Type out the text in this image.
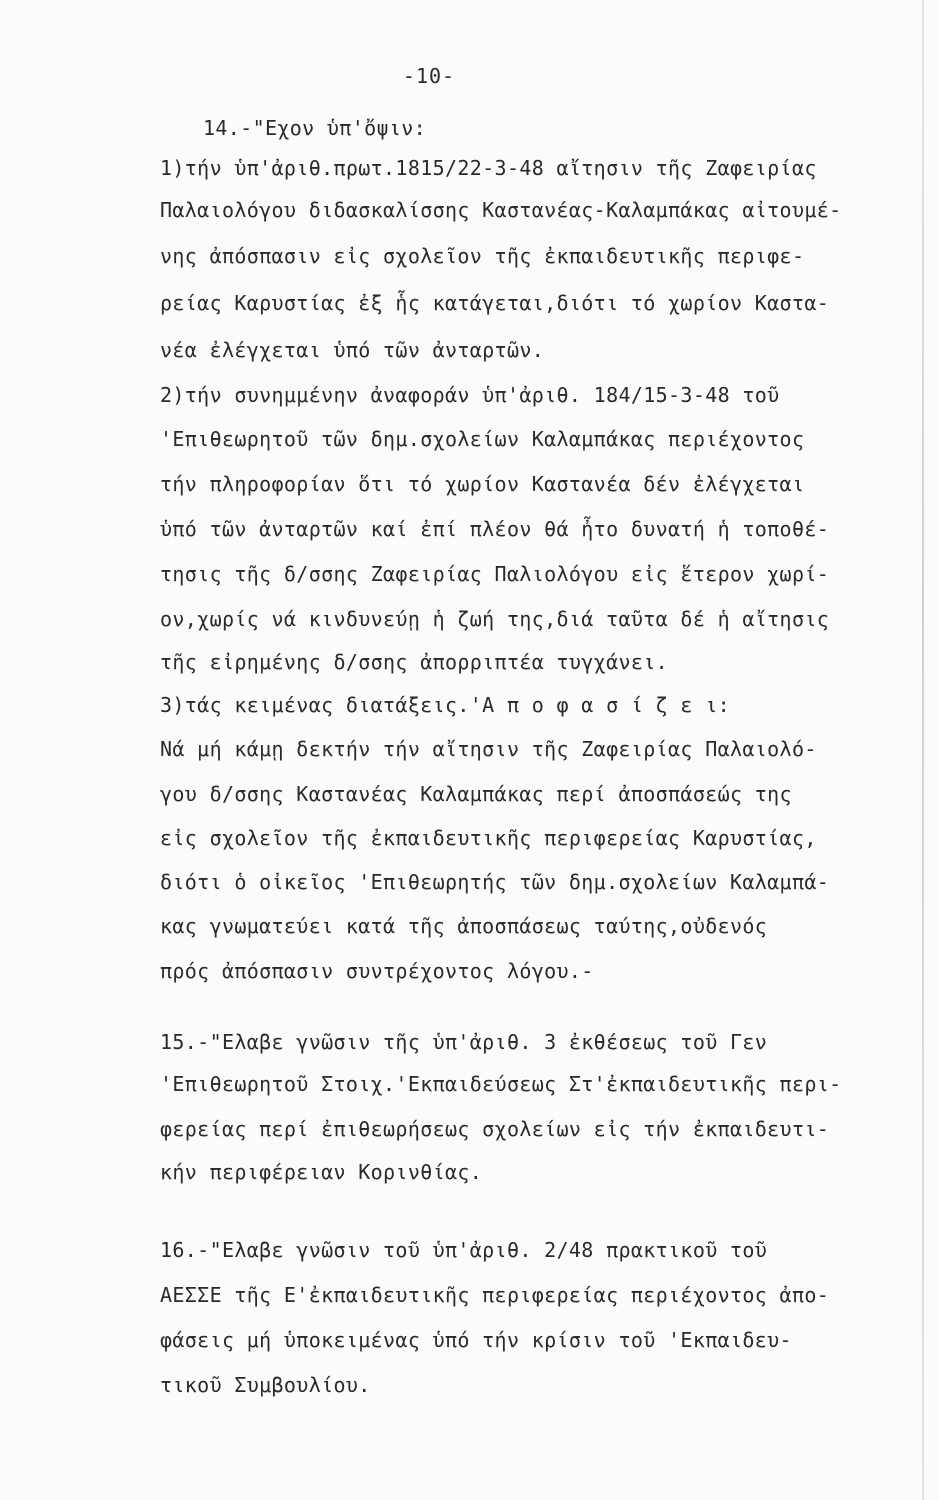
-10-
14.-"Εχον ὑπ'ὄψιν:
1)τήν ὑπ'ἀριθ.πρωτ.1815/22-3-48 αἴτησιν τῆς Ζαφειρίας
Παλαιολόγου διδασκαλίσσης Καστανέας-Καλαμπάκας αἰτουμέ-
νης ἀπόσπασιν εἰς σχολεῖον τῆς ἐκπαιδευτικῆς περιφε-
ρείας Καρυστίας ἐξ ἧς κατάγεται,διότι τό χωρίον Καστα-
νέα ἐλέγχεται ὑπό τῶν ἀνταρτῶν.
2)τήν συνημμένην ἀναφοράν ὑπ'ἀριθ. 184/15-3-48 τοῦ
'Επιθεωρητοῦ τῶν δημ.σχολείων Καλαμπάκας περιέχοντος
τήν πληροφορίαν ὅτι τό χωρίον Καστανέα δέν ἐλέγχεται
ὑπό τῶν ἀνταρτῶν καί ἐπί πλέον θά ἦτο δυνατή ἡ τοποθέ-
τησις τῆς δ/σσης Ζαφειρίας Παλιολόγου εἰς ἕτερον χωρί-
ον,χωρίς νά κινδυνεύῃ ἡ ζωή της,διά ταῦτα δέ ἡ αἴτησις
τῆς εἰρημένης δ/σσης ἀπορριπτέα τυγχάνει.
3)τάς κειμένας διατάξεις.'Α π ο φ α σ ί ζ ε ι:
Νά μή κάμῃ δεκτήν τήν αἴτησιν τῆς Ζαφειρίας Παλαιολό-
γου δ/σσης Καστανέας Καλαμπάκας περί ἀποσπάσεώς της
εἰς σχολεῖον τῆς ἐκπαιδευτικῆς περιφερείας Καρυστίας,
διότι ὁ οἰκεῖος 'Επιθεωρητής τῶν δημ.σχολείων Καλαμπά-
κας γνωματεύει κατά τῆς ἀποσπάσεως ταύτης,οὐδενός
πρός ἀπόσπασιν συντρέχοντος λόγου.-
15.-"Ελαβε γνῶσιν τῆς ὑπ'ἀριθ. 3 ἐκθέσεως τοῦ Γεν
'Επιθεωρητοῦ Στοιχ.'Εκπαιδεύσεως Στ'ἐκπαιδευτικῆς περι-
φερείας περί ἐπιθεωρήσεως σχολείων εἰς τήν ἐκπαιδευτι-
κήν περιφέρειαν Κορινθίας.
16.-"Ελαβε γνῶσιν τοῦ ὑπ'ἀριθ. 2/48 πρακτικοῦ τοῦ
ΑΕΣΣΕ τῆς Ε'ἐκπαιδευτικῆς περιφερείας περιέχοντος ἀπο-
φάσεις μή ὑποκειμένας ὑπό τήν κρίσιν τοῦ 'Εκπαιδευ-
τικοῦ Συμβουλίου.
